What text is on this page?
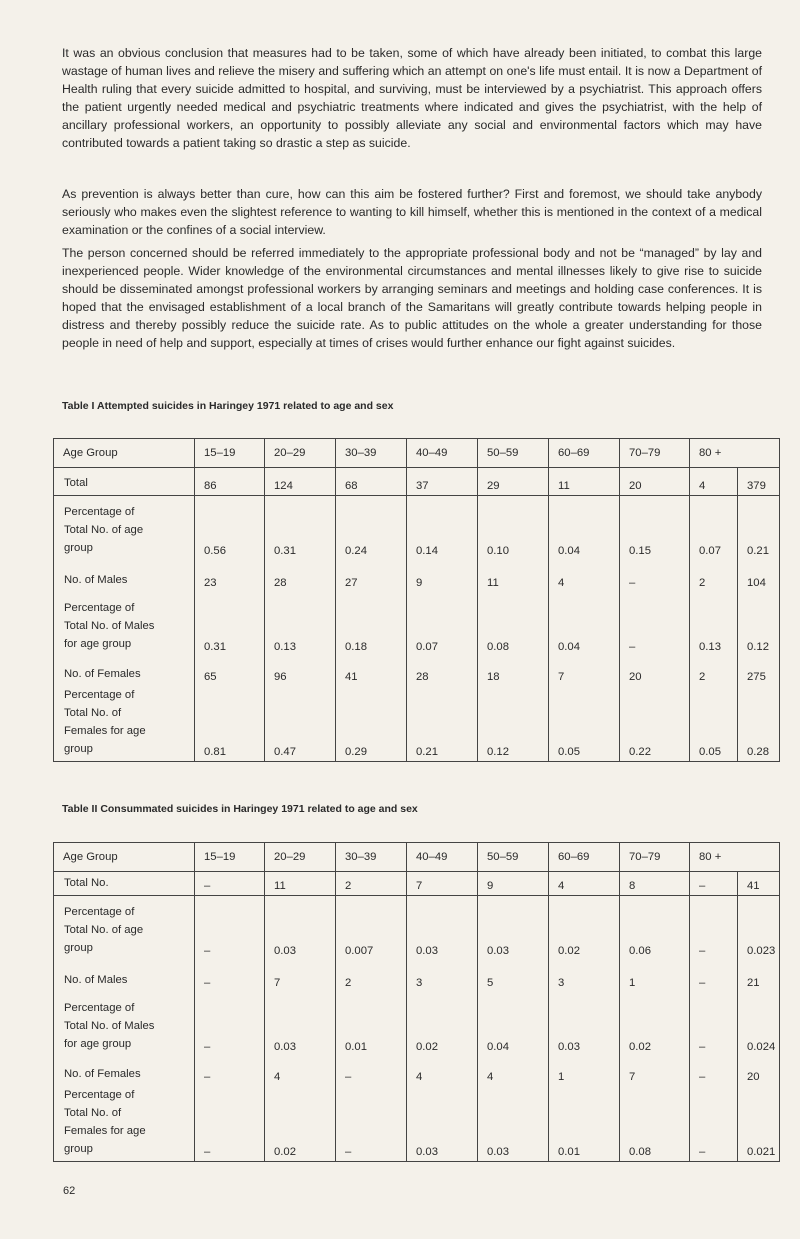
It was an obvious conclusion that measures had to be taken, some of which have already been initiated, to combat this large wastage of human lives and relieve the misery and suffering which an attempt on one's life must entail. It is now a Department of Health ruling that every suicide admitted to hospital, and surviving, must be interviewed by a psychiatrist. This approach offers the patient urgently needed medical and psychiatric treatments where indicated and gives the psychiatrist, with the help of ancillary professional workers, an opportunity to possibly alleviate any social and environmental factors which may have contributed towards a patient taking so drastic a step as suicide.

As prevention is always better than cure, how can this aim be fostered further? First and foremost, we should take anybody seriously who makes even the slightest reference to wanting to kill himself, whether this is mentioned in the context of a medical examination or the confines of a social interview.

The person concerned should be referred immediately to the appropriate professional body and not be “managed” by lay and inexperienced people. Wider knowledge of the environmental circumstances and mental illnesses likely to give rise to suicide should be disseminated amongst professional workers by arranging seminars and meetings and holding case conferences. It is hoped that the envisaged establishment of a local branch of the Samaritans will greatly contribute towards helping people in distress and thereby possibly reduce the suicide rate. As to public attitudes on the whole a greater understanding for those people in need of help and support, especially at times of crises would further enhance our fight against suicides.

Table I Attempted suicides in Haringey 1971 related to age and sex

Age Group	15–19	20–29	30–39	40–49	50–59	60–69	70–79	80 +	
Total	86	124	68	37	29	11	20	4	379
Percentage of
Total No. of age
group	0.56	0.31	0.24	0.14	0.10	0.04	0.15	0.07	0.21
No. of Males	23	28	27	9	11	4	–	2	104
Percentage of
Total No. of Males
for age group	0.31	0.13	0.18	0.07	0.08	0.04	–	0.13	0.12
No. of Females	65	96	41	28	18	7	20	2	275
Percentage of
Total No. of
Females for age
group	0.81	0.47	0.29	0.21	0.12	0.05	0.22	0.05	0.28

Table II Consummated suicides in Haringey 1971 related to age and sex

Age Group	15–19	20–29	30–39	40–49	50–59	60–69	70–79	80 +	
Total No.	–	11	2	7	9	4	8	–	41
Percentage of
Total No. of age
group	–	0.03	0.007	0.03	0.03	0.02	0.06	–	0.023
No. of Males	–	7	2	3	5	3	1	–	21
Percentage of
Total No. of Males
for age group	–	0.03	0.01	0.02	0.04	0.03	0.02	–	0.024
No. of Females	–	4	–	4	4	1	7	–	20
Percentage of
Total No. of
Females for age
group	–	0.02	–	0.03	0.03	0.01	0.08	–	0.021
62
